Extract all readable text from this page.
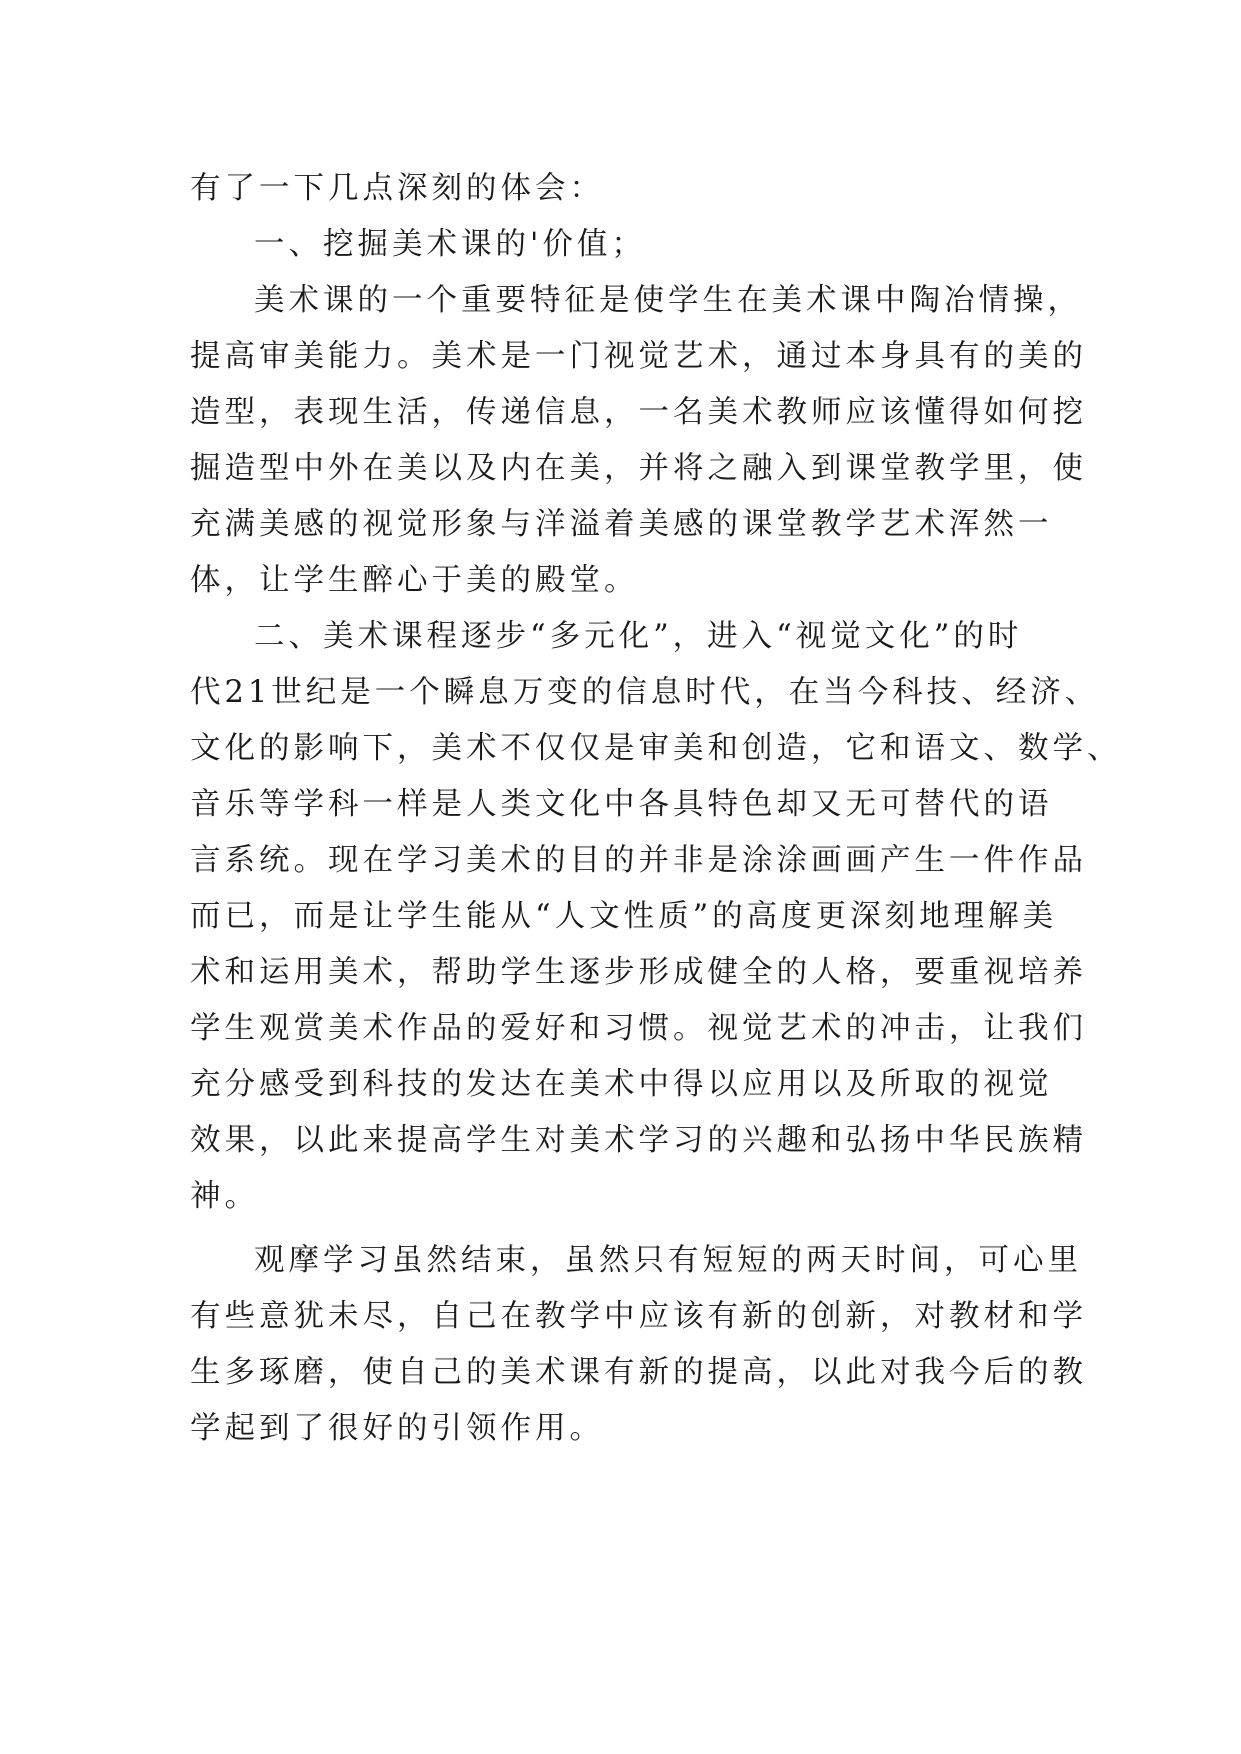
有了一下几点深刻的体会：
一、挖掘美术课的'价值；
美术课的一个重要特征是使学生在美术课中陶冶情操，
提高审美能力。美术是一门视觉艺术，通过本身具有的美的
造型，表现生活，传递信息，一名美术教师应该懂得如何挖
掘造型中外在美以及内在美，并将之融入到课堂教学里，使
充满美感的视觉形象与洋溢着美感的课堂教学艺术浑然一
体，让学生醉心于美的殿堂。
二、美术课程逐步“多元化”，进入“视觉文化”的时
代21世纪是一个瞬息万变的信息时代，在当今科技、经济、
文化的影响下，美术不仅仅是审美和创造，它和语文、数学、
音乐等学科一样是人类文化中各具特色却又无可替代的语
言系统。现在学习美术的目的并非是涂涂画画产生一件作品
而已，而是让学生能从“人文性质”的高度更深刻地理解美
术和运用美术，帮助学生逐步形成健全的人格，要重视培养
学生观赏美术作品的爱好和习惯。视觉艺术的冲击，让我们
充分感受到科技的发达在美术中得以应用以及所取的视觉
效果，以此来提高学生对美术学习的兴趣和弘扬中华民族精
神。
观摩学习虽然结束，虽然只有短短的两天时间，可心里
有些意犹未尽，自己在教学中应该有新的创新，对教材和学
生多琢磨，使自己的美术课有新的提高，以此对我今后的教
学起到了很好的引领作用。
